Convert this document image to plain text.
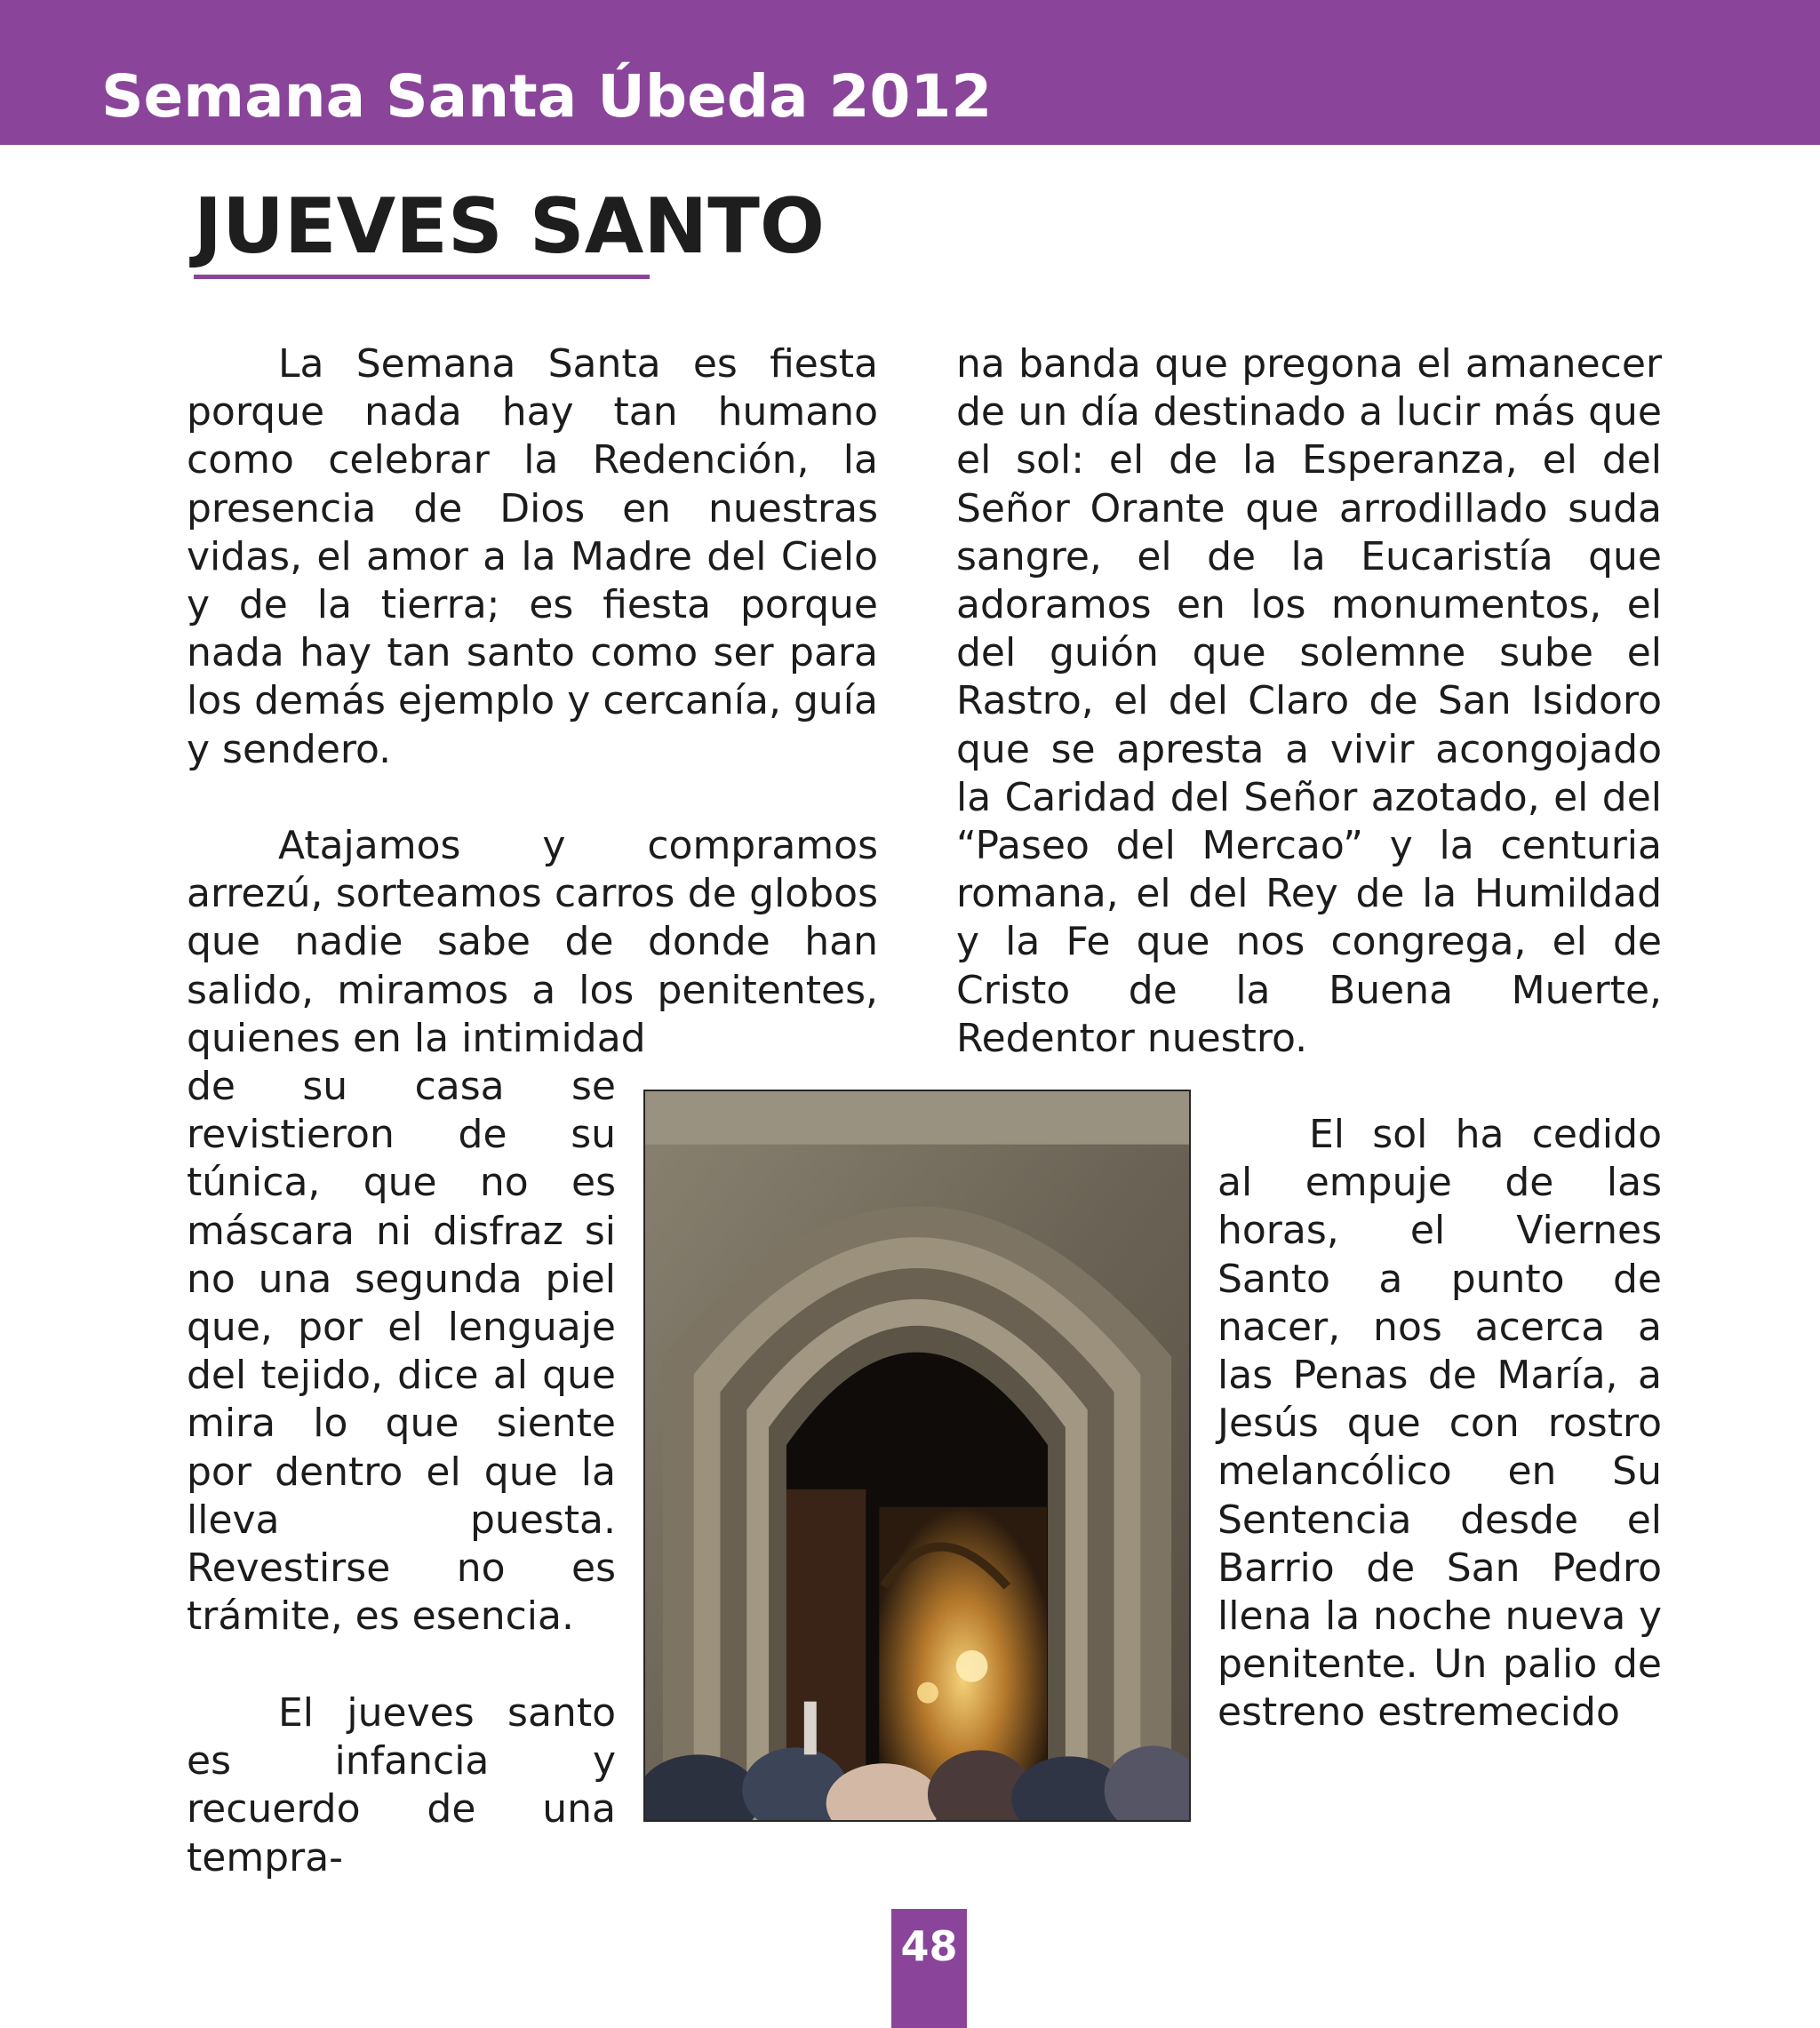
Semana Santa Úbeda 2012
JUEVES SANTO

La Semana Santa es fiesta porque nada hay tan humano como celebrar la Redención, la presencia de Dios en nuestras vidas, el amor a la Madre del Cielo y de la tierra; es fiesta porque nada hay tan santo como ser para los demás ejemplo y cercanía, guía y sendero.

Atajamos y compramos arrezú, sorteamos carros de globos que nadie sabe de donde han salido, miramos a los penitentes, quienes en la intimidad

de su casa se revistieron de su túnica, que no es máscara ni disfraz si no una segunda piel que, por el lenguaje del tejido, dice al que mira lo que siente por dentro el que la lleva puesta. Revestirse no es trámite, es esencia.

El jueves santo es infancia y recuerdo de una tempra-

na banda que pregona el amanecer de un día destinado a lucir más que el sol: el de la Esperanza, el del Señor Orante que arrodillado suda sangre, el de la Eucaristía que adoramos en los monumentos, el del guión que solemne sube el Rastro, el del Claro de San Isidoro que se apresta a vivir acongojado la Caridad del Señor azotado, el del “Paseo del Mercao” y la centuria romana, el del Rey de la Humildad y la Fe que nos congrega, el de Cristo de la Buena Muerte, Redentor nuestro.

El sol ha cedido al empuje de las horas, el Viernes Santo a punto de nacer, nos acerca a las Penas de María, a Jesús que con rostro melancólico en Su Sentencia desde el Barrio de San Pedro llena la noche nueva y penitente. Un palio de estreno estremecido

48
